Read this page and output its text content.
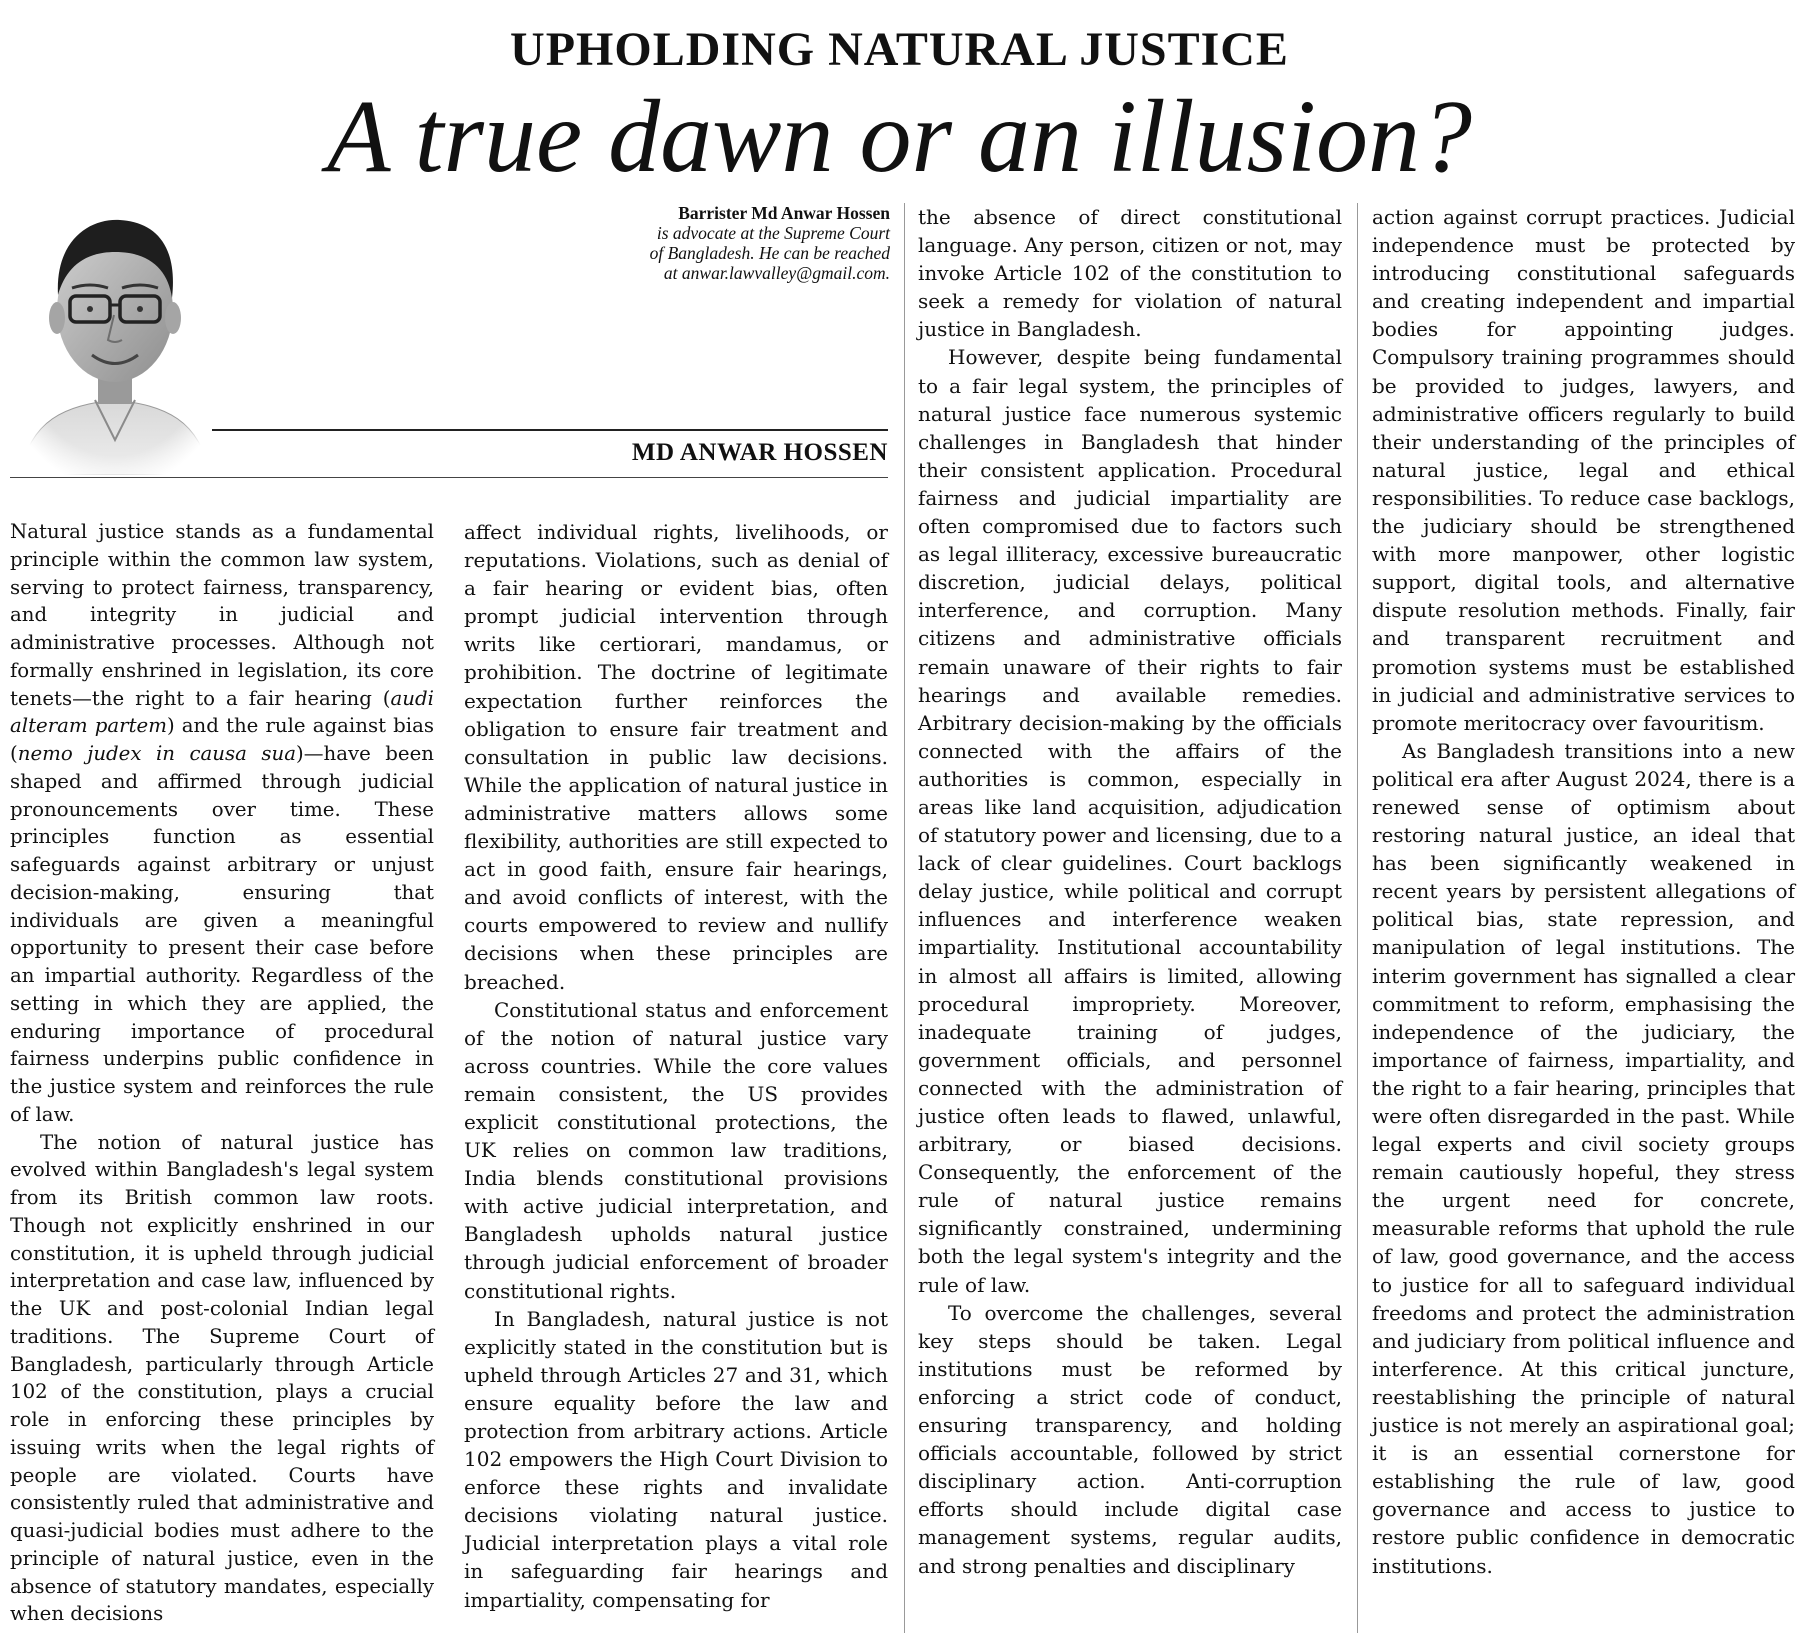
UPHOLDING NATURAL JUSTICE
A true dawn or an illusion?
Barrister Md Anwar Hossen
is advocate at the Supreme Court
of Bangladesh. He can be reached
at anwar.lawvalley@gmail.com.
MD ANWAR HOSSEN

Natural justice stands as a fundamental principle within the common law system, serving to protect fairness, transparency, and integrity in judicial and administrative processes. Although not formally enshrined in legislation, its core tenets—the right to a fair hearing (audi alteram partem) and the rule against bias (nemo judex in causa sua)—have been shaped and affirmed through judicial pronouncements over time. These principles function as essential safeguards against arbitrary or unjust decision-making, ensuring that individuals are given a meaningful opportunity to present their case before an impartial authority. Regardless of the setting in which they are applied, the enduring importance of procedural fairness underpins public confidence in the justice system and reinforces the rule of law.

The notion of natural justice has evolved within Bangladesh's legal system from its British common law roots. Though not explicitly enshrined in our constitution, it is upheld through judicial interpretation and case law, influenced by the UK and post-colonial Indian legal traditions. The Supreme Court of Bangladesh, particularly through Article 102 of the constitution, plays a crucial role in enforcing these principles by issuing writs when the legal rights of people are violated. Courts have consistently ruled that administrative and quasi-judicial bodies must adhere to the principle of natural justice, even in the absence of statutory mandates, especially when decisions

affect individual rights, livelihoods, or reputations. Violations, such as denial of a fair hearing or evident bias, often prompt judicial intervention through writs like certiorari, mandamus, or prohibition. The doctrine of legitimate expectation further reinforces the obligation to ensure fair treatment and consultation in public law decisions. While the application of natural justice in administrative matters allows some flexibility, authorities are still expected to act in good faith, ensure fair hearings, and avoid conflicts of interest, with the courts empowered to review and nullify decisions when these principles are breached.

Constitutional status and enforcement of the notion of natural justice vary across countries. While the core values remain consistent, the US provides explicit constitutional protections, the UK relies on common law traditions, India blends constitutional provisions with active judicial interpretation, and Bangladesh upholds natural justice through judicial enforcement of broader constitutional rights.

In Bangladesh, natural justice is not explicitly stated in the constitution but is upheld through Articles 27 and 31, which ensure equality before the law and protection from arbitrary actions. Article 102 empowers the High Court Division to enforce these rights and invalidate decisions violating natural justice. Judicial interpretation plays a vital role in safeguarding fair hearings and impartiality, compensating for

the absence of direct constitutional language. Any person, citizen or not, may invoke Article 102 of the constitution to seek a remedy for violation of natural justice in Bangladesh.

However, despite being fundamental to a fair legal system, the principles of natural justice face numerous systemic challenges in Bangladesh that hinder their consistent application. Procedural fairness and judicial impartiality are often compromised due to factors such as legal illiteracy, excessive bureaucratic discretion, judicial delays, political interference, and corruption. Many citizens and administrative officials remain unaware of their rights to fair hearings and available remedies. Arbitrary decision-making by the officials connected with the affairs of the authorities is common, especially in areas like land acquisition, adjudication of statutory power and licensing, due to a lack of clear guidelines. Court backlogs delay justice, while political and corrupt influences and interference weaken impartiality. Institutional accountability in almost all affairs is limited, allowing procedural impropriety. Moreover, inadequate training of judges, government officials, and personnel connected with the administration of justice often leads to flawed, unlawful, arbitrary, or biased decisions. Consequently, the enforcement of the rule of natural justice remains significantly constrained, undermining both the legal system's integrity and the rule of law.

To overcome the challenges, several key steps should be taken. Legal institutions must be reformed by enforcing a strict code of conduct, ensuring transparency, and holding officials accountable, followed by strict disciplinary action. Anti-corruption efforts should include digital case management systems, regular audits, and strong penalties and disciplinary

action against corrupt practices. Judicial independence must be protected by introducing constitutional safeguards and creating independent and impartial bodies for appointing judges. Compulsory training programmes should be provided to judges, lawyers, and administrative officers regularly to build their understanding of the principles of natural justice, legal and ethical responsibilities. To reduce case backlogs, the judiciary should be strengthened with more manpower, other logistic support, digital tools, and alternative dispute resolution methods. Finally, fair and transparent recruitment and promotion systems must be established in judicial and administrative services to promote meritocracy over favouritism.

As Bangladesh transitions into a new political era after August 2024, there is a renewed sense of optimism about restoring natural justice, an ideal that has been significantly weakened in recent years by persistent allegations of political bias, state repression, and manipulation of legal institutions. The interim government has signalled a clear commitment to reform, emphasising the independence of the judiciary, the importance of fairness, impartiality, and the right to a fair hearing, principles that were often disregarded in the past. While legal experts and civil society groups remain cautiously hopeful, they stress the urgent need for concrete, measurable reforms that uphold the rule of law, good governance, and the access to justice for all to safeguard individual freedoms and protect the administration and judiciary from political influence and interference. At this critical juncture, reestablishing the principle of natural justice is not merely an aspirational goal; it is an essential cornerstone for establishing the rule of law, good governance and access to justice to restore public confidence in democratic institutions.
